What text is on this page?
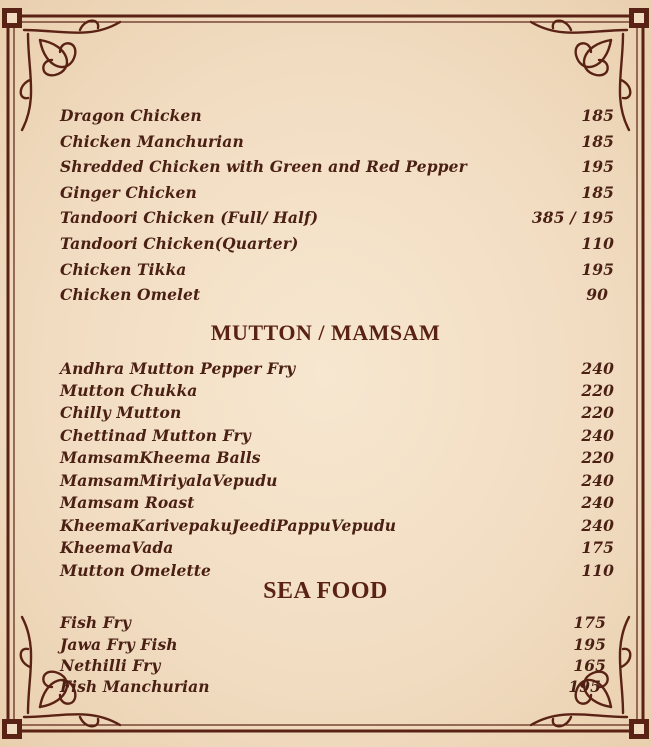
Dragon Chicken	185
Chicken Manchurian	185
Shredded Chicken with Green and Red Pepper	195
Ginger Chicken	185
Tandoori Chicken (Full/ Half)	385 / 195
Tandoori Chicken(Quarter)	110
Chicken Tikka	195
Chicken Omelet	90
MUTTON / MAMSAM
Andhra Mutton Pepper Fry	240
Mutton Chukka	220
Chilly Mutton	220
Chettinad Mutton Fry	240
MamsamKheema Balls	220
MamsamMiriyalaVepudu	240
Mamsam Roast	240
KheemaKarivepakuJeediPappuVepudu	240
KheemaVada	175
Mutton Omelette	110
SEA FOOD
Fish Fry	175
Jawa Fry Fish	195
Nethilli Fry	165
Fish Manchurian	195
